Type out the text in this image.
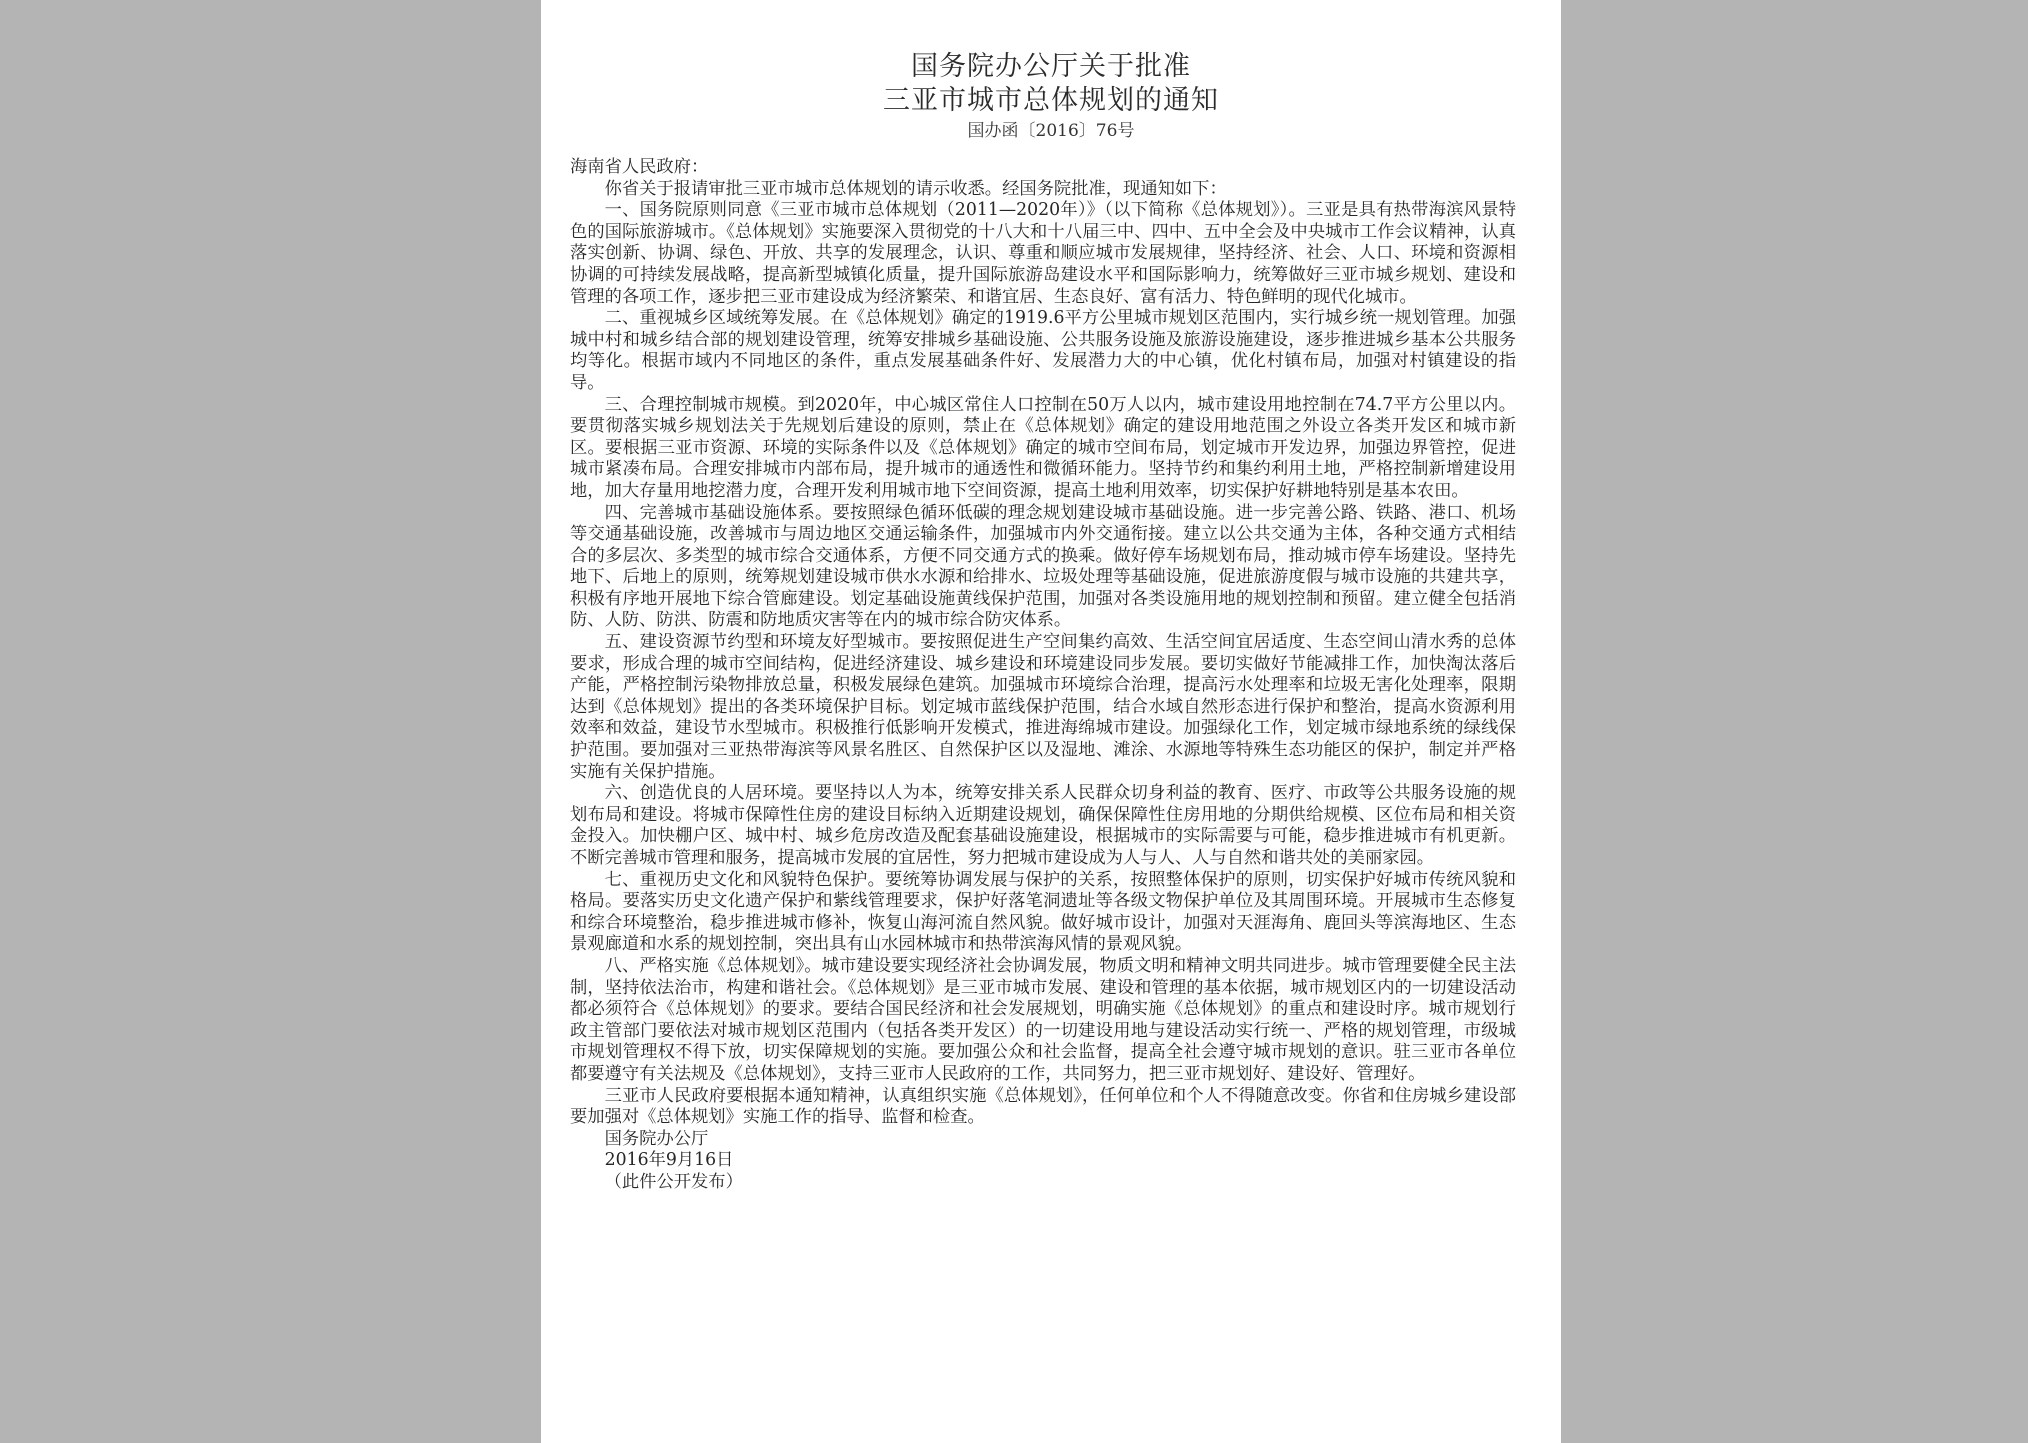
国务院办公厅关于批准
三亚市城市总体规划的通知
国办函〔2016〕76号

海南省人民政府：

你省关于报请审批三亚市城市总体规划的请示收悉。经国务院批准，现通知如下：

一、国务院原则同意《三亚市城市总体规划（2011—2020年）》（以下简称《总体规划》）。三亚是具有热带海滨风景特色的国际旅游城市。《总体规划》实施要深入贯彻党的十八大和十八届三中、四中、五中全会及中央城市工作会议精神，认真落实创新、协调、绿色、开放、共享的发展理念，认识、尊重和顺应城市发展规律，坚持经济、社会、人口、环境和资源相协调的可持续发展战略，提高新型城镇化质量，提升国际旅游岛建设水平和国际影响力，统筹做好三亚市城乡规划、建设和管理的各项工作，逐步把三亚市建设成为经济繁荣、和谐宜居、生态良好、富有活力、特色鲜明的现代化城市。

二、重视城乡区域统筹发展。在《总体规划》确定的1919.6平方公里城市规划区范围内，实行城乡统一规划管理。加强城中村和城乡结合部的规划建设管理，统筹安排城乡基础设施、公共服务设施及旅游设施建设，逐步推进城乡基本公共服务均等化。根据市域内不同地区的条件，重点发展基础条件好、发展潜力大的中心镇，优化村镇布局，加强对村镇建设的指导。

三、合理控制城市规模。到2020年，中心城区常住人口控制在50万人以内，城市建设用地控制在74.7平方公里以内。要贯彻落实城乡规划法关于先规划后建设的原则，禁止在《总体规划》确定的建设用地范围之外设立各类开发区和城市新区。要根据三亚市资源、环境的实际条件以及《总体规划》确定的城市空间布局，划定城市开发边界，加强边界管控，促进城市紧凑布局。合理安排城市内部布局，提升城市的通透性和微循环能力。坚持节约和集约利用土地，严格控制新增建设用地，加大存量用地挖潜力度，合理开发利用城市地下空间资源，提高土地利用效率，切实保护好耕地特别是基本农田。

四、完善城市基础设施体系。要按照绿色循环低碳的理念规划建设城市基础设施。进一步完善公路、铁路、港口、机场等交通基础设施，改善城市与周边地区交通运输条件，加强城市内外交通衔接。建立以公共交通为主体，各种交通方式相结合的多层次、多类型的城市综合交通体系，方便不同交通方式的换乘。做好停车场规划布局，推动城市停车场建设。坚持先地下、后地上的原则，统筹规划建设城市供水水源和给排水、垃圾处理等基础设施，促进旅游度假与城市设施的共建共享，积极有序地开展地下综合管廊建设。划定基础设施黄线保护范围，加强对各类设施用地的规划控制和预留。建立健全包括消防、人防、防洪、防震和防地质灾害等在内的城市综合防灾体系。

五、建设资源节约型和环境友好型城市。要按照促进生产空间集约高效、生活空间宜居适度、生态空间山清水秀的总体要求，形成合理的城市空间结构，促进经济建设、城乡建设和环境建设同步发展。要切实做好节能减排工作，加快淘汰落后产能，严格控制污染物排放总量，积极发展绿色建筑。加强城市环境综合治理，提高污水处理率和垃圾无害化处理率，限期达到《总体规划》提出的各类环境保护目标。划定城市蓝线保护范围，结合水域自然形态进行保护和整治，提高水资源利用效率和效益，建设节水型城市。积极推行低影响开发模式，推进海绵城市建设。加强绿化工作，划定城市绿地系统的绿线保护范围。要加强对三亚热带海滨等风景名胜区、自然保护区以及湿地、滩涂、水源地等特殊生态功能区的保护，制定并严格实施有关保护措施。

六、创造优良的人居环境。要坚持以人为本，统筹安排关系人民群众切身利益的教育、医疗、市政等公共服务设施的规划布局和建设。将城市保障性住房的建设目标纳入近期建设规划，确保保障性住房用地的分期供给规模、区位布局和相关资金投入。加快棚户区、城中村、城乡危房改造及配套基础设施建设，根据城市的实际需要与可能，稳步推进城市有机更新。不断完善城市管理和服务，提高城市发展的宜居性，努力把城市建设成为人与人、人与自然和谐共处的美丽家园。

七、重视历史文化和风貌特色保护。要统筹协调发展与保护的关系，按照整体保护的原则，切实保护好城市传统风貌和格局。要落实历史文化遗产保护和紫线管理要求，保护好落笔洞遗址等各级文物保护单位及其周围环境。开展城市生态修复和综合环境整治，稳步推进城市修补，恢复山海河流自然风貌。做好城市设计，加强对天涯海角、鹿回头等滨海地区、生态景观廊道和水系的规划控制，突出具有山水园林城市和热带滨海风情的景观风貌。

八、严格实施《总体规划》。城市建设要实现经济社会协调发展，物质文明和精神文明共同进步。城市管理要健全民主法制，坚持依法治市，构建和谐社会。《总体规划》是三亚市城市发展、建设和管理的基本依据，城市规划区内的一切建设活动都必须符合《总体规划》的要求。要结合国民经济和社会发展规划，明确实施《总体规划》的重点和建设时序。城市规划行政主管部门要依法对城市规划区范围内（包括各类开发区）的一切建设用地与建设活动实行统一、严格的规划管理，市级城市规划管理权不得下放，切实保障规划的实施。要加强公众和社会监督，提高全社会遵守城市规划的意识。驻三亚市各单位都要遵守有关法规及《总体规划》，支持三亚市人民政府的工作，共同努力，把三亚市规划好、建设好、管理好。

三亚市人民政府要根据本通知精神，认真组织实施《总体规划》，任何单位和个人不得随意改变。你省和住房城乡建设部要加强对《总体规划》实施工作的指导、监督和检查。

国务院办公厅

2016年9月16日

（此件公开发布）
